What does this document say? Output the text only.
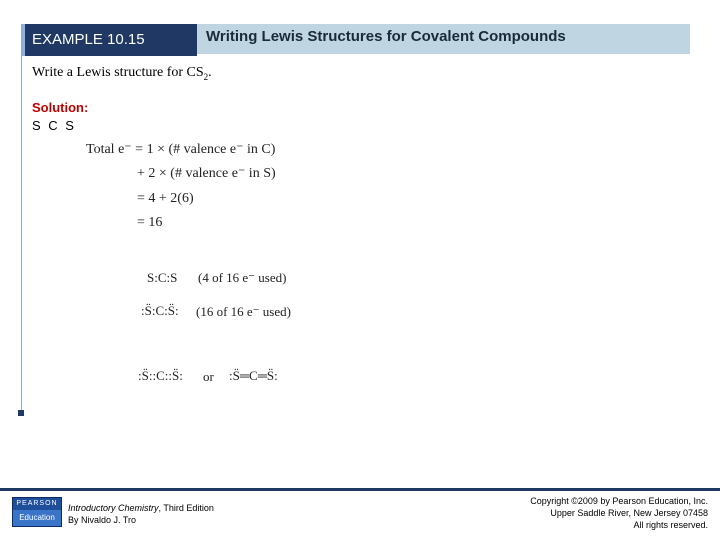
EXAMPLE 10.15	Writing Lewis Structures for Covalent Compounds
Write a Lewis structure for $CS_2$.
Solution:
S C S
Total e⁻ = 1 × (# valence e⁻ in C)
+ 2 × (# valence e⁻ in S)
= 4 + 2(6)
= 16
S:C:S (4 of 16 e⁻ used)
:S̈:C:S̈: (16 of 16 e⁻ used)
:S̈::C::S̈: or :S̈═C═S̈:
PEARSON
Education
Introductory Chemistry, Third Edition
By Nivaldo J. Tro
Copyright ©2009 by Pearson Education, Inc.
Upper Saddle River, New Jersey 07458
All rights reserved.
